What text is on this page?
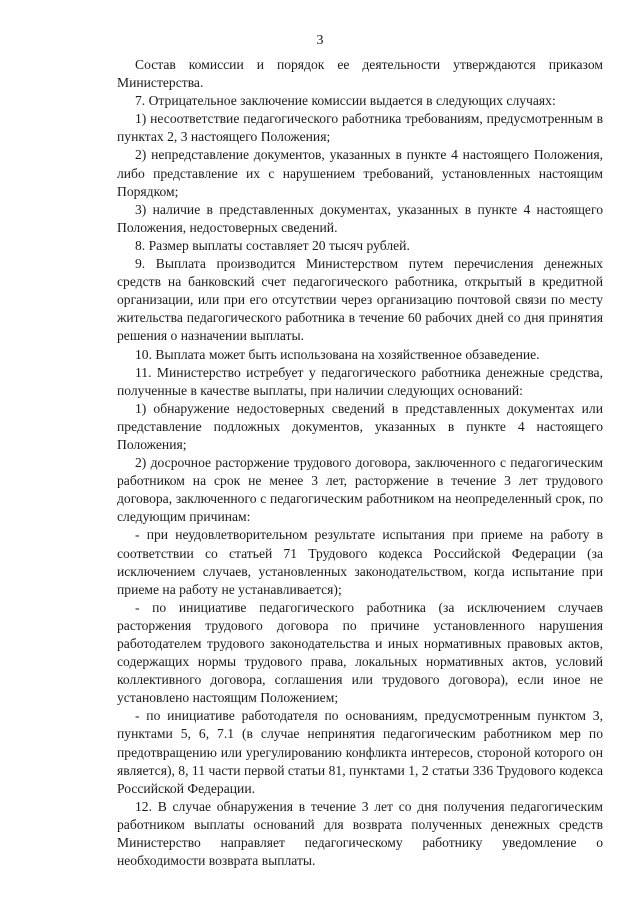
3

Состав комиссии и порядок ее деятельности утверждаются приказом Министерства.

7. Отрицательное заключение комиссии выдается в следующих случаях:

1) несоответствие педагогического работника требованиям, предусмотренным в пунктах 2, 3 настоящего Положения;

2) непредставление документов, указанных в пункте 4 настоящего Положения, либо представление их с нарушением требований, установленных настоящим Порядком;

3) наличие в представленных документах, указанных в пункте 4 настоящего Положения, недостоверных сведений.

8. Размер выплаты составляет 20 тысяч рублей.

9. Выплата производится Министерством путем перечисления денежных средств на банковский счет педагогического работника, открытый в кредитной организации, или при его отсутствии через организацию почтовой связи по месту жительства педагогического работника в течение 60 рабочих дней со дня принятия решения о назначении выплаты.

10. Выплата может быть использована на хозяйственное обзаведение.

11. Министерство истребует у педагогического работника денежные средства, полученные в качестве выплаты, при наличии следующих оснований:

1) обнаружение недостоверных сведений в представленных документах или представление подложных документов, указанных в пункте 4 настоящего Положения;

2) досрочное расторжение трудового договора, заключенного с педагогическим работником на срок не менее 3 лет, расторжение в течение 3 лет трудового договора, заключенного с педагогическим работником на неопределенный срок, по следующим причинам:

- при неудовлетворительном результате испытания при приеме на работу в соответствии со статьей 71 Трудового кодекса Российской Федерации (за исключением случаев, установленных законодательством, когда испытание при приеме на работу не устанавливается);

- по инициативе педагогического работника (за исключением случаев расторжения трудового договора по причине установленного нарушения работодателем трудового законодательства и иных нормативных правовых актов, содержащих нормы трудового права, локальных нормативных актов, условий коллективного договора, соглашения или трудового договора), если иное не установлено настоящим Положением;

- по инициативе работодателя по основаниям, предусмотренным пунктом 3, пунктами 5, 6, 7.1 (в случае непринятия педагогическим работником мер по предотвращению или урегулированию конфликта интересов, стороной которого он является), 8, 11 части первой статьи 81, пунктами 1, 2 статьи 336 Трудового кодекса Российской Федерации.

12. В случае обнаружения в течение 3 лет со дня получения педагогическим работником выплаты оснований для возврата полученных денежных средств Министерство направляет педагогическому работнику уведомление о необходимости возврата выплаты.
